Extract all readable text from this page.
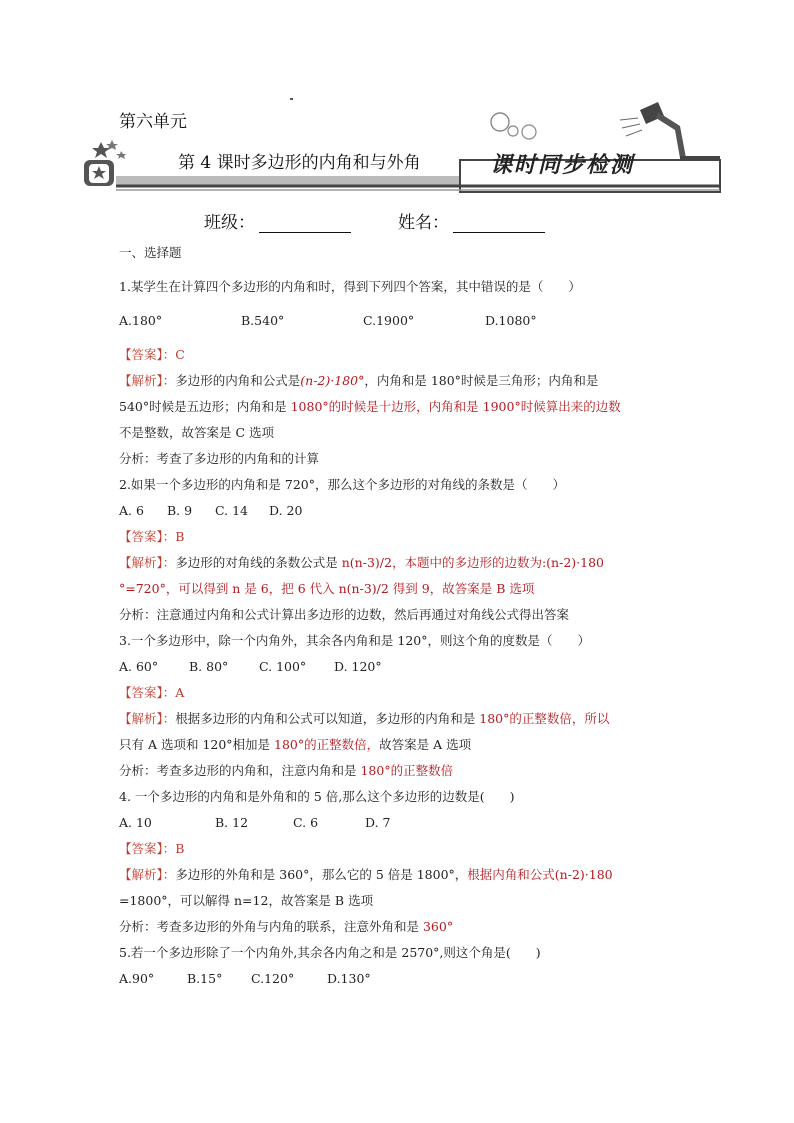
第六单元
第 4 课时多边形的内角和与外角	课时同步检测
班级：	姓名：
一、选择题
1.某学生在计算四个多边形的内角和时，得到下列四个答案，其中错误的是（　　）
A.180°	B.540°	C.1900°	D.1080°
【答案】：C
【解析】：多边形的内角和公式是(n-2)·180°，内角和是 180°时候是三角形；内角和是
540°时候是五边形；内角和是 1080°的时候是十边形，内角和是 1900°时候算出来的边数
不是整数，故答案是 C 选项
分析：考查了多边形的内角和的计算
2.如果一个多边形的内角和是 720°，那么这个多边形的对角线的条数是（　　）
A. 6 B. 9 C. 14 D. 20
【答案】：B
【解析】：多边形的对角线的条数公式是 n(n-3)/2，本题中的多边形的边数为:(n-2)·180
°=720°，可以得到 n 是 6，把 6 代入 n(n-3)/2 得到 9，故答案是 B 选项
分析：注意通过内角和公式计算出多边形的边数，然后再通过对角线公式得出答案
3.一个多边形中，除一个内角外，其余各内角和是 120°，则这个角的度数是（　　）
A. 60° B. 80° C. 100° D. 120°
【答案】：A
【解析】：根据多边形的内角和公式可以知道，多边形的内角和是 180°的正整数倍，所以
只有 A 选项和 120°相加是 180°的正整数倍，故答案是 A 选项
分析：考查多边形的内角和，注意内角和是 180°的正整数倍
4. 一个多边形的内角和是外角和的 5 倍,那么这个多边形的边数是(　　)
A. 10	B. 12	C. 6	D. 7
【答案】：B
【解析】：多边形的外角和是 360°，那么它的 5 倍是 1800°，根据内角和公式(n-2)·180
=1800°，可以解得 n=12，故答案是 B 选项
分析：考查多边形的外角与内角的联系，注意外角和是 360°
5.若一个多边形除了一个内角外,其余各内角之和是 2570°,则这个角是(　　)
A.90°	B.15° C.120°	D.130°
